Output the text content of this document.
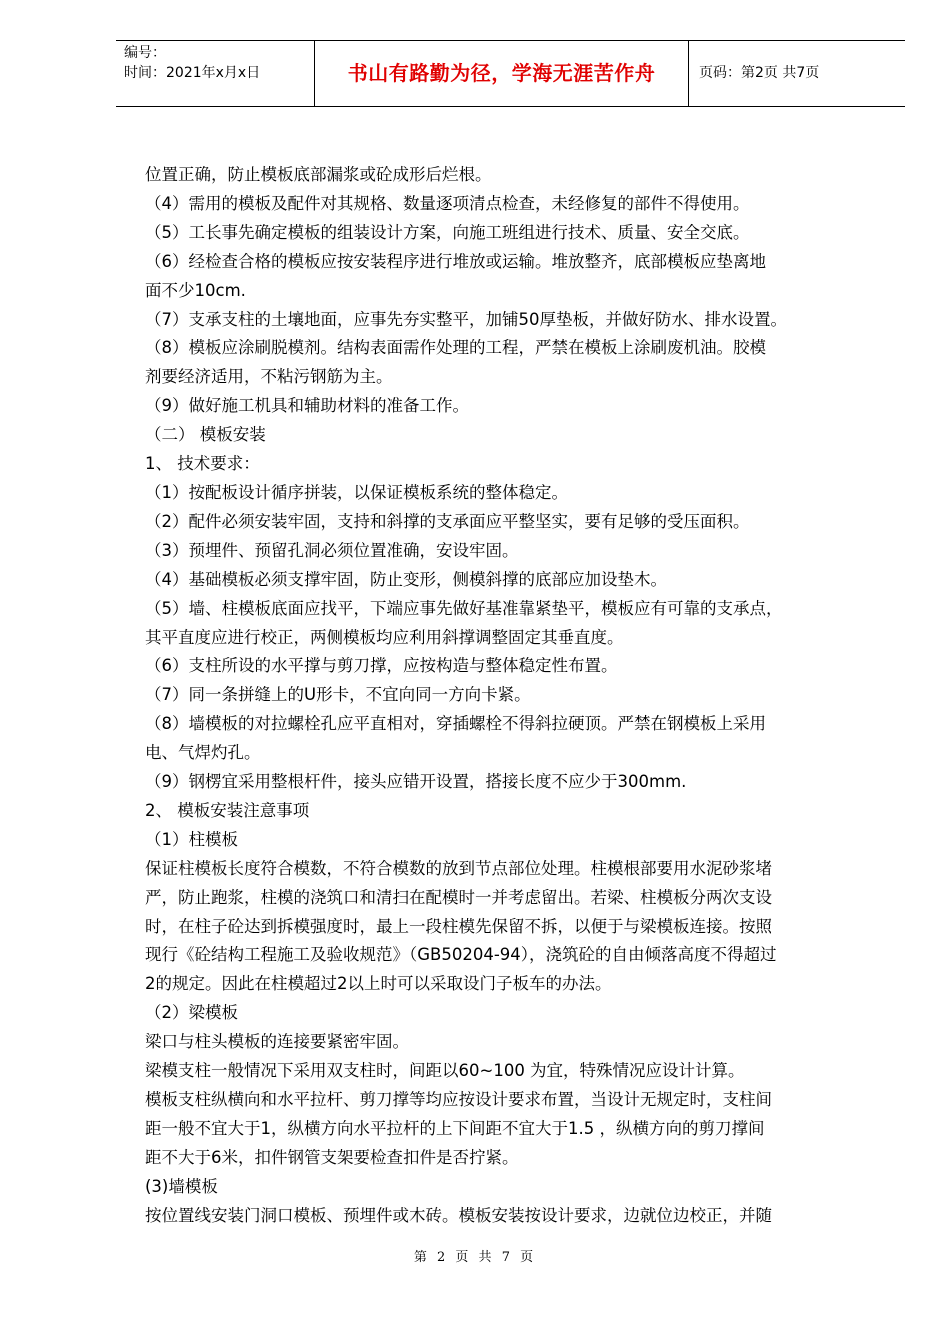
编号：
时间：2021年x月x日	书山有路勤为径，学海无涯苦作舟	页码：第2页 共7页

位置正确，防止模板底部漏浆或砼成形后烂根。

（4）需用的模板及配件对其规格、数量逐项清点检查，未经修复的部件不得使用。

（5）工长事先确定模板的组装设计方案，向施工班组进行技术、质量、安全交底。

（6）经检查合格的模板应按安装程序进行堆放或运输。堆放整齐，底部模板应垫离地

面不少10cm.

（7）支承支柱的土壤地面，应事先夯实整平，加铺50厚垫板，并做好防水、排水设置。

（8）模板应涂刷脱模剂。结构表面需作处理的工程，严禁在模板上涂刷废机油。胶模

剂要经济适用，不粘污钢筋为主。

（9）做好施工机具和辅助材料的准备工作。

（二） 模板安装

1、 技术要求：

（1）按配板设计循序拼装，以保证模板系统的整体稳定。

（2）配件必须安装牢固，支持和斜撑的支承面应平整坚实，要有足够的受压面积。

（3）预埋件、预留孔洞必须位置准确，安设牢固。

（4）基础模板必须支撑牢固，防止变形，侧模斜撑的底部应加设垫木。

（5）墙、柱模板底面应找平，下端应事先做好基准靠紧垫平，模板应有可靠的支承点，

其平直度应进行校正，两侧模板均应利用斜撑调整固定其垂直度。

（6）支柱所设的水平撑与剪刀撑，应按构造与整体稳定性布置。

（7）同一条拼缝上的U形卡，不宜向同一方向卡紧。

（8）墙模板的对拉螺栓孔应平直相对，穿插螺栓不得斜拉硬顶。严禁在钢模板上采用

电、气焊灼孔。

（9）钢楞宜采用整根杆件，接头应错开设置，搭接长度不应少于300mm.

2、 模板安装注意事项

（1）柱模板

保证柱模板长度符合模数，不符合模数的放到节点部位处理。柱模根部要用水泥砂浆堵

严，防止跑浆，柱模的浇筑口和清扫在配模时一并考虑留出。若梁、柱模板分两次支设

时，在柱子砼达到拆模强度时，最上一段柱模先保留不拆，以便于与梁模板连接。按照

现行《砼结构工程施工及验收规范》（GB50204-94），浇筑砼的自由倾落高度不得超过

2的规定。因此在柱模超过2以上时可以采取设门子板车的办法。

（2）梁模板

梁口与柱头模板的连接要紧密牢固。

梁模支柱一般情况下采用双支柱时，间距以60~100 为宜，特殊情况应设计计算。

模板支柱纵横向和水平拉杆、剪刀撑等均应按设计要求布置，当设计无规定时，支柱间

距一般不宜大于1，纵横方向水平拉杆的上下间距不宜大于1.5 ，纵横方向的剪刀撑间

距不大于6米，扣件钢管支架要检查扣件是否拧紧。

(3)墙模板

按位置线安装门洞口模板、预埋件或木砖。模板安装按设计要求，边就位边校正，并随

第 2 页 共 7 页
